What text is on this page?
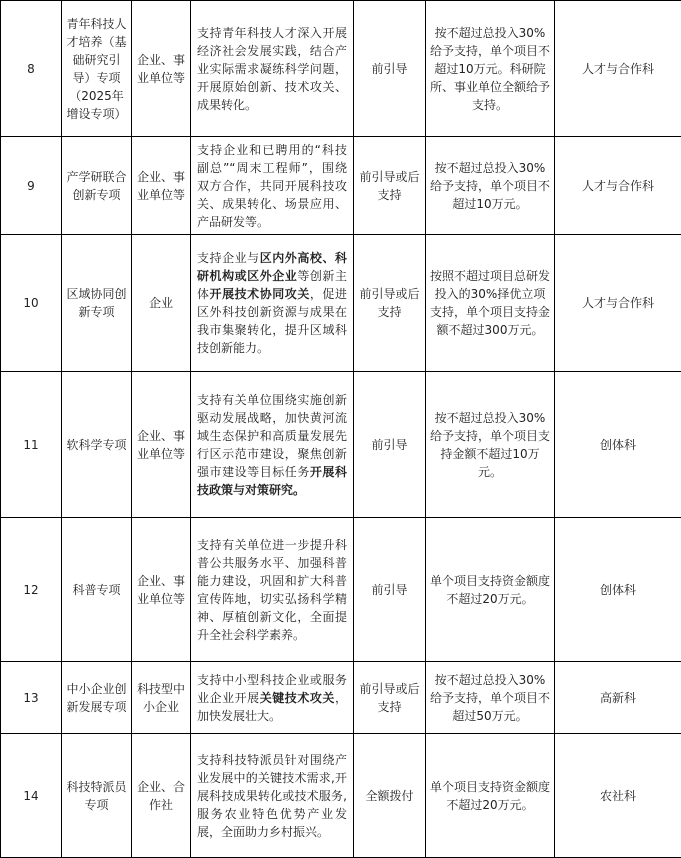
8	青年科技人才培养（基础研究引导）专项（2025年增设专项）	企业、事业单位等	支持青年科技人才深入开展经济社会发展实践，结合产业实际需求凝练科学问题，开展原始创新、技术攻关、成果转化。	前引导	按不超过总投入30%给予支持，单个项目不超过10万元。科研院所、事业单位全额给予支持。	人才与合作科
9	产学研联合创新专项	企业、事业单位等	支持企业和已聘用的“科技副总”“周末工程师”，围绕双方合作，共同开展科技攻关、成果转化、场景应用、产品研发等。	前引导或后支持	按不超过总投入30%给予支持，单个项目不超过10万元。	人才与合作科
10	区域协同创新专项	企业	支持企业与区内外高校、科研机构或区外企业等创新主体开展技术协同攻关，促进区外科技创新资源与成果在我市集聚转化，提升区域科技创新能力。	前引导或后支持	按照不超过项目总研发投入的30%择优立项支持，单个项目支持金额不超过300万元。	人才与合作科
11	软科学专项	企业、事业单位等	支持有关单位围绕实施创新驱动发展战略，加快黄河流域生态保护和高质量发展先行区示范市建设，聚焦创新强市建设等目标任务开展科技政策与对策研究。	前引导	按不超过总投入30%给予支持，单个项目支持金额不超过10万元。	创体科
12	科普专项	企业、事业单位等	支持有关单位进一步提升科普公共服务水平、加强科普能力建设，巩固和扩大科普宣传阵地，切实弘扬科学精神、厚植创新文化，全面提升全社会科学素养。	前引导	单个项目支持资金额度不超过20万元。	创体科
13	中小企业创新发展专项	科技型中小企业	支持中小型科技企业或服务业企业开展关键技术攻关，加快发展壮大。	前引导或后支持	按不超过总投入30%给予支持，单个项目不超过50万元。	高新科
14	科技特派员专项	企业、合作社	支持科技特派员针对围绕产业发展中的关键技术需求,开展科技成果转化或技术服务,服务农业特色优势产业发展，全面助力乡村振兴。	全额拨付	单个项目支持资金额度不超过20万元。	农社科
